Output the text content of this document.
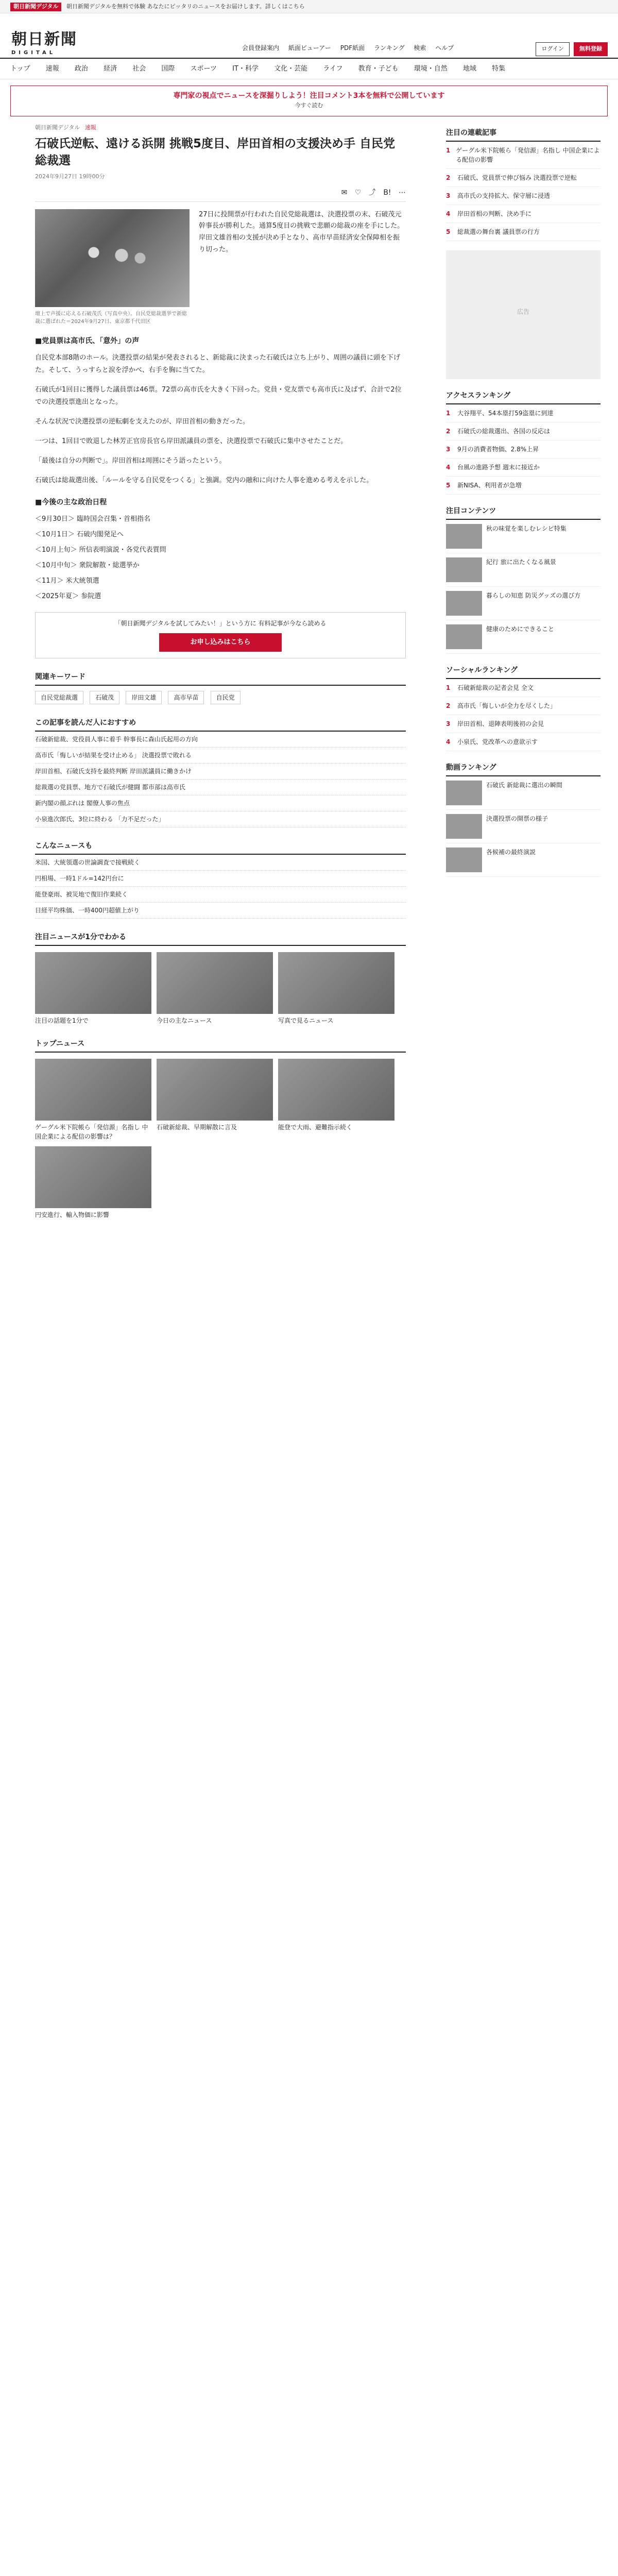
朝日新聞デジタル 朝日新聞デジタルを無料で体験 あなたにピッタリのニュースをお届けします。詳しくはこちら
朝日新聞
DIGITAL
会員登録案内 紙面ビューアー PDF紙面 ランキング 検索 ヘルプ	ログイン	無料登録
トップ 速報 政治 経済 社会 国際 スポーツ IT・科学 文化・芸能 ライフ 教育・子ども 環境・自然 地域 特集
専門家の視点でニュースを深掘りしよう！注目コメント3本を無料で公開しています
今すぐ読む
朝日新聞デジタル 速報
石破氏逆転、遠ける浜開 挑戦5度目、岸田首相の支援決め手 自民党総裁選
2024年9月27日 19時00分
✉ ♡ ⤴ B! ⋯
27日に投開票が行われた自民党総裁選は、決選投票の末、石破茂元幹事長が勝利した。通算5度目の挑戦で悲願の総裁の座を手にした。岸田文雄首相の支援が決め手となり、高市早苗経済安全保障相を振り切った。
壇上で声援に応える石破茂氏（写真中央）。自民党総裁選挙で新総裁に選ばれた＝2024年9月27日、東京都千代田区
■党員票は高市氏、「意外」の声

自民党本部8階のホール。決選投票の結果が発表されると、新総裁に決まった石破氏は立ち上がり、周囲の議員に頭を下げた。そして、うっすらと涙を浮かべ、右手を胸に当てた。

石破氏が1回目に獲得した議員票は46票。72票の高市氏を大きく下回った。党員・党友票でも高市氏に及ばず、合計で2位での決選投票進出となった。

そんな状況で決選投票の逆転劇を支えたのが、岸田首相の動きだった。

一つは、1回目で敗退した林芳正官房長官ら岸田派議員の票を、決選投票で石破氏に集中させたことだ。

「最後は自分の判断で」。岸田首相は周囲にそう語ったという。

石破氏は総裁選出後、「ルールを守る自民党をつくる」と強調。党内の融和に向けた人事を進める考えを示した。

■今後の主な政治日程

＜9月30日＞ 臨時国会召集・首相指名

＜10月1日＞ 石破内閣発足へ

＜10月上旬＞ 所信表明演説・各党代表質問

＜10月中旬＞ 衆院解散・総選挙か

＜11月＞ 米大統領選

＜2025年夏＞ 参院選

「朝日新聞デジタルを試してみたい！」という方に 有料記事が今なら読める
お申し込みはこちら
関連キーワード
自民党総裁選	石破茂	岸田文雄	高市早苗	自民党
この記事を読んだ人におすすめ
石破新総裁、党役員人事に着手 幹事長に森山氏起用の方向
高市氏「悔しいが結果を受け止める」 決選投票で敗れる
岸田首相、石破氏支持を最終判断 岸田派議員に働きかけ
総裁選の党員票、地方で石破氏が健闘 都市部は高市氏
新内閣の顔ぶれは 閣僚人事の焦点
小泉進次郎氏、3位に終わる 「力不足だった」
こんなニュースも
米国、大統領選の世論調査で接戦続く
円相場、一時1ドル=142円台に
能登豪雨、被災地で復旧作業続く
日経平均株価、一時400円超値上がり
注目ニュースが1分でわかる

注目の話題を1分で	今日の主なニュース	写真で見るニュース

トップニュース

ゲーグル米下院帳ら「発信源」名指し 中国企業による配信の影響は？

石破新総裁、早期解散に言及	能登で大雨、避難指示続く

円安進行、輸入物価に影響

注目の連載記事
1 ゲーグル米下院帳ら「発信源」名指し 中国企業による配信の影響
2	石破氏、党員票で伸び悩み 決選投票で逆転
3	高市氏の支持拡大、保守層に浸透
4	岸田首相の判断、決め手に
5	総裁選の舞台裏 議員票の行方
広告
アクセスランキング
1	大谷翔平、54本塁打59盗塁に到達
2	石破氏の総裁選出、各国の反応は
3	9月の消費者物価、2.8%上昇
4	台風の進路予想 週末に接近か
5	新NISA、利用者が急増
注目コンテンツ
秋の味覚を楽しむレシピ特集
紀行 旅に出たくなる風景
暮らしの知恵 防災グッズの選び方
健康のためにできること
ソーシャルランキング
1	石破新総裁の記者会見 全文
2	高市氏「悔しいが全力を尽くした」
3	岸田首相、退陣表明後初の会見
4	小泉氏、党改革への意欲示す
動画ランキング
石破氏 新総裁に選出の瞬間
決選投票の開票の様子
各候補の最終演説
